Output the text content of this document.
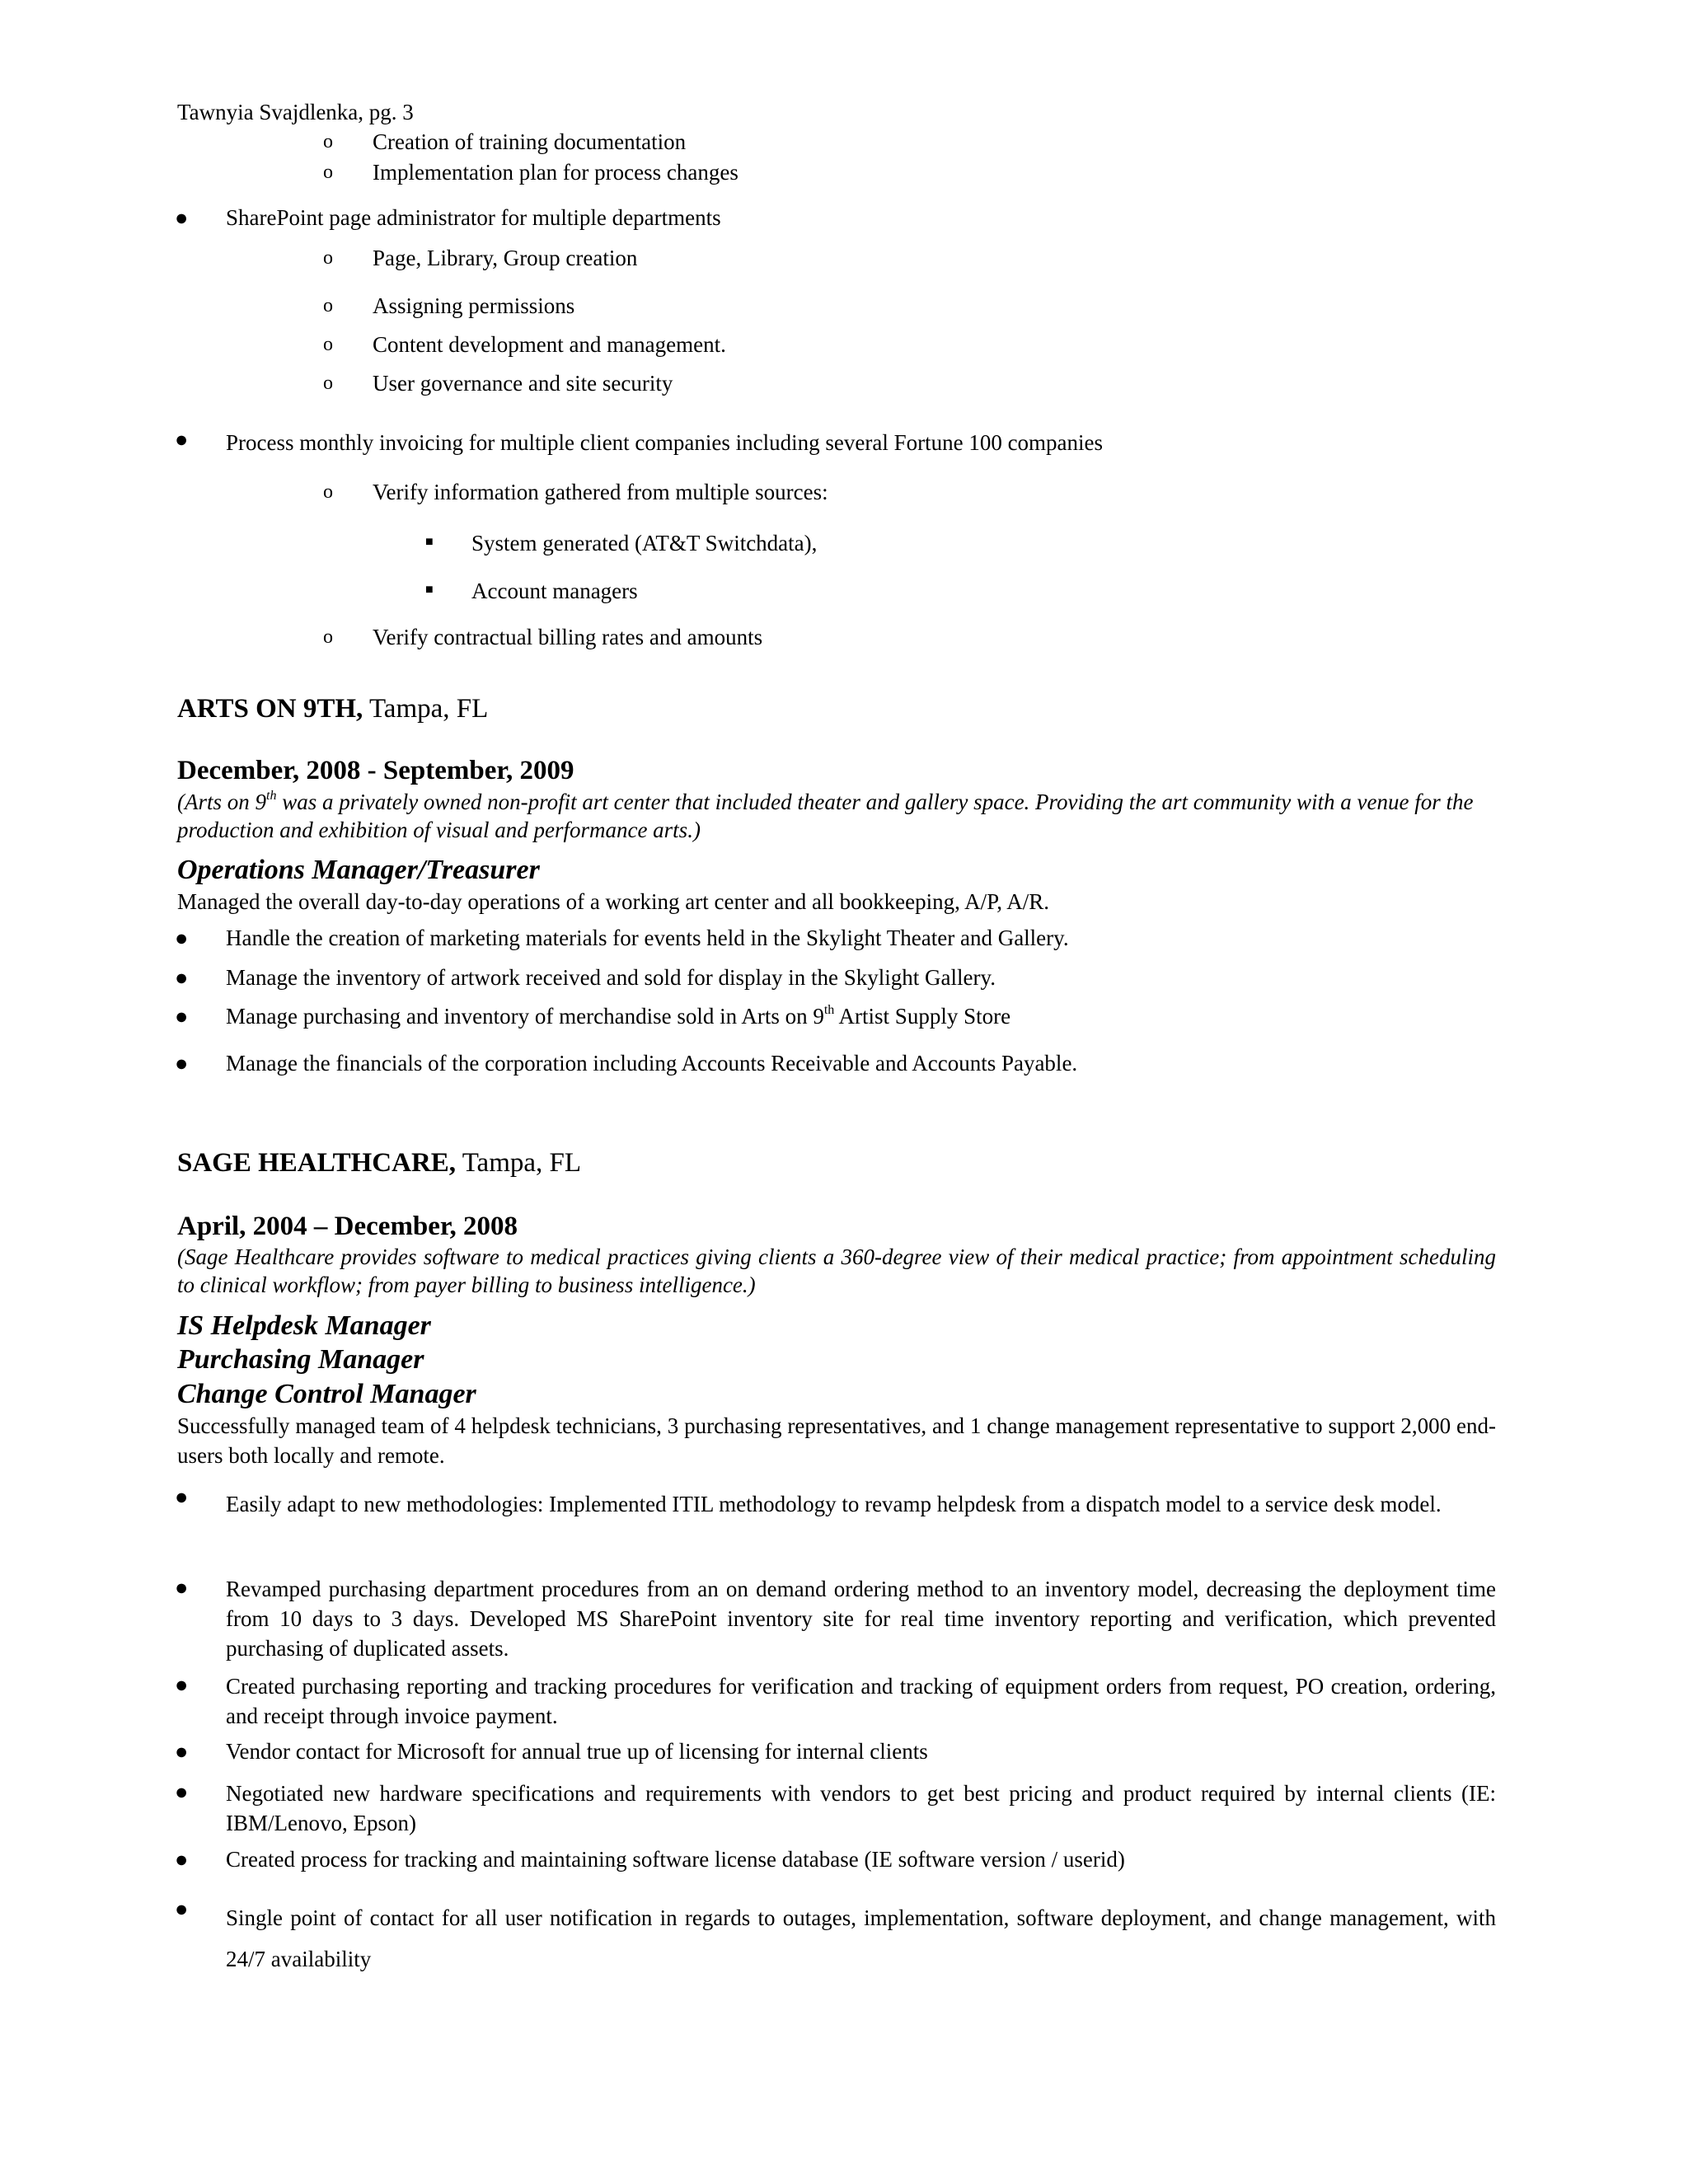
Tawnyia Svajdlenka, pg. 3
o Creation of training documentation
o Implementation plan for process changes
● SharePoint page administrator for multiple departments
o Page, Library, Group creation
o Assigning permissions
o Content development and management.
o User governance and site security
● Process monthly invoicing for multiple client companies including several Fortune 100 companies
o Verify information gathered from multiple sources:
■ System generated (AT&T Switchdata),
■ Account managers
o Verify contractual billing rates and amounts
ARTS ON 9TH, Tampa, FL
December, 2008 - September, 2009
(Arts on 9th was a privately owned non-profit art center that included theater and gallery space. Providing the art community with a venue for the production and exhibition of visual and performance arts.)
Operations Manager/Treasurer
Managed the overall day-to-day operations of a working art center and all bookkeeping, A/P, A/R.
● Handle the creation of marketing materials for events held in the Skylight Theater and Gallery.
● Manage the inventory of artwork received and sold for display in the Skylight Gallery.
● Manage purchasing and inventory of merchandise sold in Arts on 9th Artist Supply Store
● Manage the financials of the corporation including Accounts Receivable and Accounts Payable.
SAGE HEALTHCARE, Tampa, FL
April, 2004 – December, 2008
(Sage Healthcare provides software to medical practices giving clients a 360-degree view of their medical practice; from appointment scheduling to clinical workflow; from payer billing to business intelligence.)
IS Helpdesk Manager
Purchasing Manager
Change Control Manager
Successfully managed team of 4 helpdesk technicians, 3 purchasing representatives, and 1 change management representative to support 2,000 end-users both locally and remote.
● Easily adapt to new methodologies: Implemented ITIL methodology to revamp helpdesk from a dispatch model to a service desk model.
● Revamped purchasing department procedures from an on demand ordering method to an inventory model, decreasing the deployment time from 10 days to 3 days. Developed MS SharePoint inventory site for real time inventory reporting and verification, which prevented purchasing of duplicated assets.
● Created purchasing reporting and tracking procedures for verification and tracking of equipment orders from request, PO creation, ordering, and receipt through invoice payment.
● Vendor contact for Microsoft for annual true up of licensing for internal clients
● Negotiated new hardware specifications and requirements with vendors to get best pricing and product required by internal clients (IE: IBM/Lenovo, Epson)
● Created process for tracking and maintaining software license database (IE software version / userid)
● Single point of contact for all user notification in regards to outages, implementation, software deployment, and change management, with 24/7 availability
